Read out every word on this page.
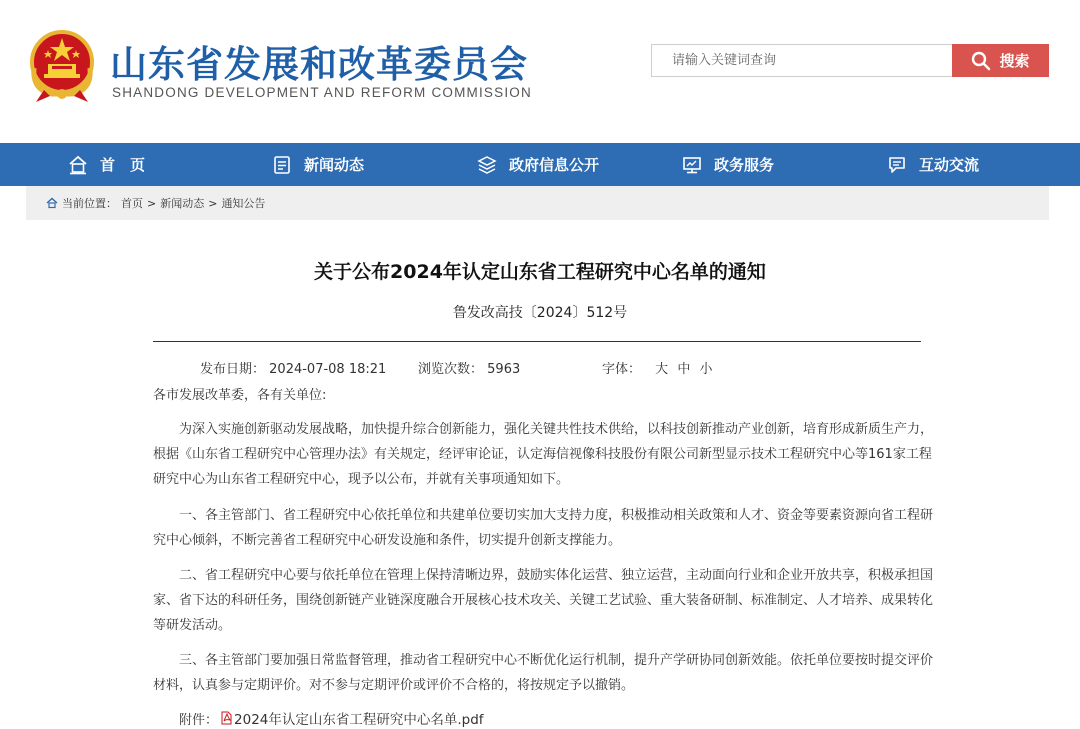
山东省发展和改革委员会
SHANDONG DEVELOPMENT AND REFORM COMMISSION
请输入关键词查询
搜索
首　页	新闻动态	政府信息公开	政务服务	互动交流
当前位置： 首页 > 新闻动态 > 通知公告
关于公布2024年认定山东省工程研究中心名单的通知
鲁发改高技〔2024〕512号
发布日期： 2024-07-08 18:21 浏览次数： 5963	字体： 大 中 小
各市发展改革委，各有关单位:
为深入实施创新驱动发展战略，加快提升综合创新能力，强化关键共性技术供给，以科技创新推动产业创新，培育形成新质生产力，
根据《山东省工程研究中心管理办法》有关规定，经评审论证，认定海信视像科技股份有限公司新型显示技术工程研究中心等161家工程
研究中心为山东省工程研究中心，现予以公布，并就有关事项通知如下。
一、各主管部门、省工程研究中心依托单位和共建单位要切实加大支持力度，积极推动相关政策和人才、资金等要素资源向省工程研
究中心倾斜，不断完善省工程研究中心研发设施和条件，切实提升创新支撑能力。
二、省工程研究中心要与依托单位在管理上保持清晰边界，鼓励实体化运营、独立运营，主动面向行业和企业开放共享，积极承担国
家、省下达的科研任务，围绕创新链产业链深度融合开展核心技术攻关、关键工艺试验、重大装备研制、标准制定、人才培养、成果转化
等研发活动。
三、各主管部门要加强日常监督管理，推动省工程研究中心不断优化运行机制，提升产学研协同创新效能。依托单位要按时提交评价
材料，认真参与定期评价。对不参与定期评价或评价不合格的，将按规定予以撤销。
附件： 2024年认定山东省工程研究中心名单.pdf
